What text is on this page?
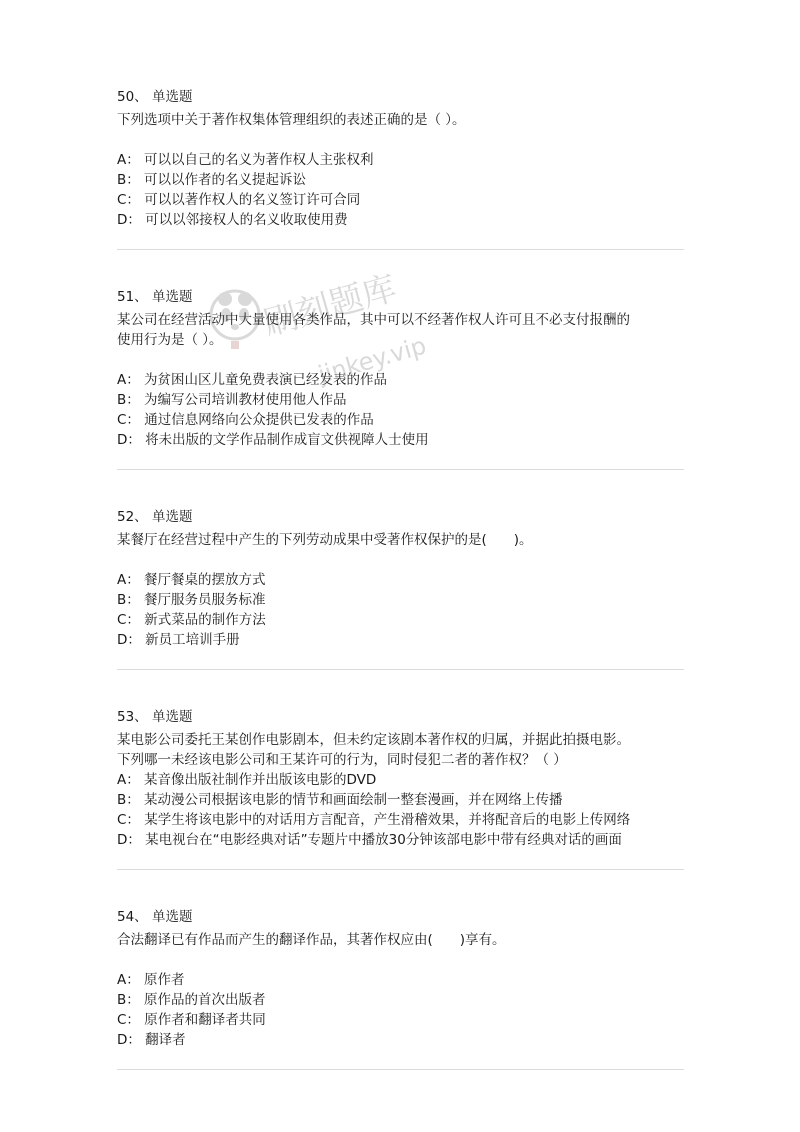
50、 单选题
下列选项中关于著作权集体管理组织的表述正确的是（ ）。
A： 可以以自己的名义为著作权人主张权利
B： 可以以作者的名义提起诉讼
C： 可以以著作权人的名义签订许可合同
D： 可以以邻接权人的名义收取使用费
51、 单选题
某公司在经营活动中大量使用各类作品，其中可以不经著作权人许可且不必支付报酬的
使用行为是（ ）。
A： 为贫困山区儿童免费表演已经发表的作品
B： 为编写公司培训教材使用他人作品
C： 通过信息网络向公众提供已发表的作品
D： 将未出版的文学作品制作成盲文供视障人士使用
52、 单选题
某餐厅在经营过程中产生的下列劳动成果中受著作权保护的是(　　)。
A： 餐厅餐桌的摆放方式
B： 餐厅服务员服务标准
C： 新式菜品的制作方法
D： 新员工培训手册
53、 单选题
某电影公司委托王某创作电影剧本，但未约定该剧本著作权的归属，并据此拍摄电影。
下列哪一未经该电影公司和王某许可的行为，同时侵犯二者的著作权？（ ）
A： 某音像出版社制作并出版该电影的DVD
B： 某动漫公司根据该电影的情节和画面绘制一整套漫画，并在网络上传播
C： 某学生将该电影中的对话用方言配音，产生滑稽效果，并将配音后的电影上传网络
D： 某电视台在“电影经典对话”专题片中播放30分钟该部电影中带有经典对话的画面
54、 单选题
合法翻译已有作品而产生的翻译作品，其著作权应由(　　)享有。
A： 原作者
B： 原作品的首次出版者
C： 原作者和翻译者共同
D： 翻译者
刷刻题库
jinkey.vip
